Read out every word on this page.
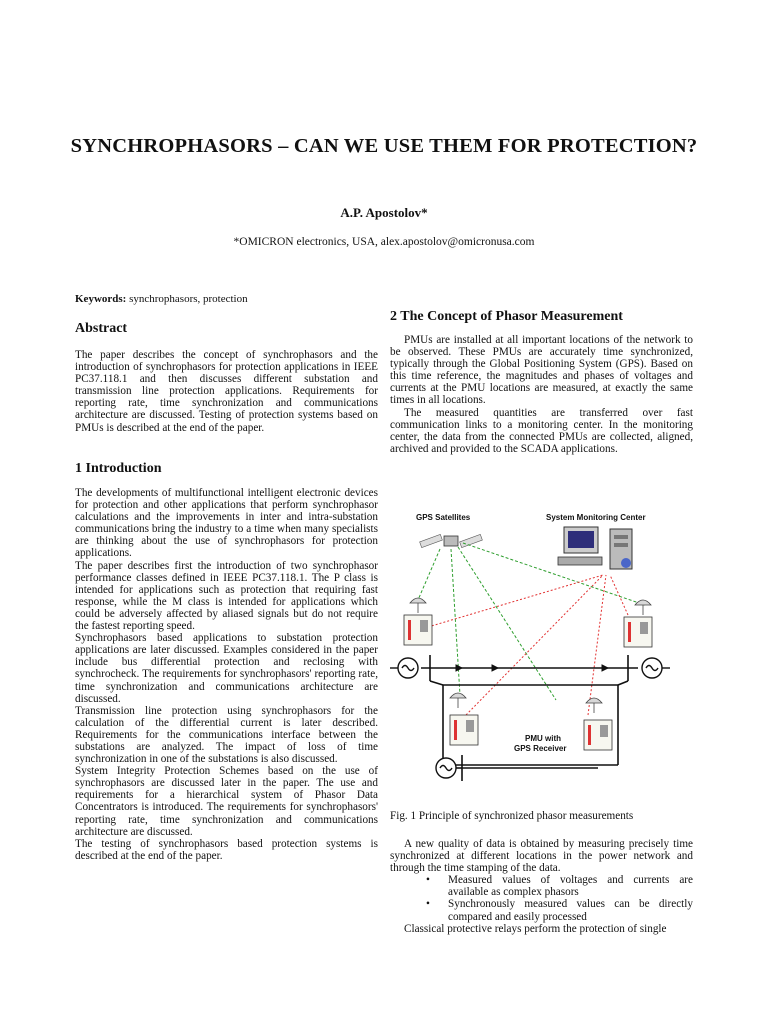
SYNCHROPHASORS – CAN WE USE THEM FOR PROTECTION?
A.P. Apostolov*
*OMICRON electronics, USA, alex.apostolov@omicronusa.com
Keywords: synchrophasors, protection
Abstract
The paper describes the concept of synchrophasors and the introduction of synchrophasors for protection applications in IEEE PC37.118.1 and then discusses different substation and transmission line protection applications. Requirements for reporting rate, time synchronization and communications architecture are discussed. Testing of protection systems based on PMUs is described at the end of the paper.
1 Introduction

The developments of multifunctional intelligent electronic devices for protection and other applications that perform synchrophasor calculations and the improvements in inter and intra-substation communications bring the industry to a time when many specialists are thinking about the use of synchrophasors for protection applications.

The paper describes first the introduction of two synchrophasor performance classes defined in IEEE PC37.118.1. The P class is intended for applications such as protection that requiring fast response, while the M class is intended for applications which could be adversely affected by aliased signals but do not require the fastest reporting speed.

Synchrophasors based applications to substation protection applications are later discussed. Examples considered in the paper include bus differential protection and reclosing with synchrocheck. The requirements for synchrophasors' reporting rate, time synchronization and communications architecture are discussed.

Transmission line protection using synchrophasors for the calculation of the differential current is later described. Requirements for the communications interface between the substations are analyzed. The impact of loss of time synchronization in one of the substations is also discussed.

System Integrity Protection Schemes based on the use of synchrophasors are discussed later in the paper. The use and requirements for a hierarchical system of Phasor Data Concentrators is introduced. The requirements for synchrophasors' reporting rate, time synchronization and communications architecture are discussed.

The testing of synchrophasors based protection systems is described at the end of the paper.

2 The Concept of Phasor Measurement

PMUs are installed at all important locations of the network to be observed. These PMUs are accurately time synchronized, typically through the Global Positioning System (GPS). Based on this time reference, the magnitudes and phases of voltages and currents at the PMU locations are measured, at exactly the same times in all locations.

The measured quantities are transferred over fast communication links to a monitoring center. In the monitoring center, the data from the connected PMUs are collected, aligned, archived and provided to the SCADA applications.

GPS Satellites	System Monitoring Center
PMU with
GPS Receiver
Fig. 1 Principle of synchronized phasor measurements

A new quality of data is obtained by measuring precisely time synchronized at different locations in the power network and through the time stamping of the data.

• Measured values of voltages and currents are available as complex phasors
• Synchronously measured values can be directly compared and easily processed

Classical protective relays perform the protection of single
